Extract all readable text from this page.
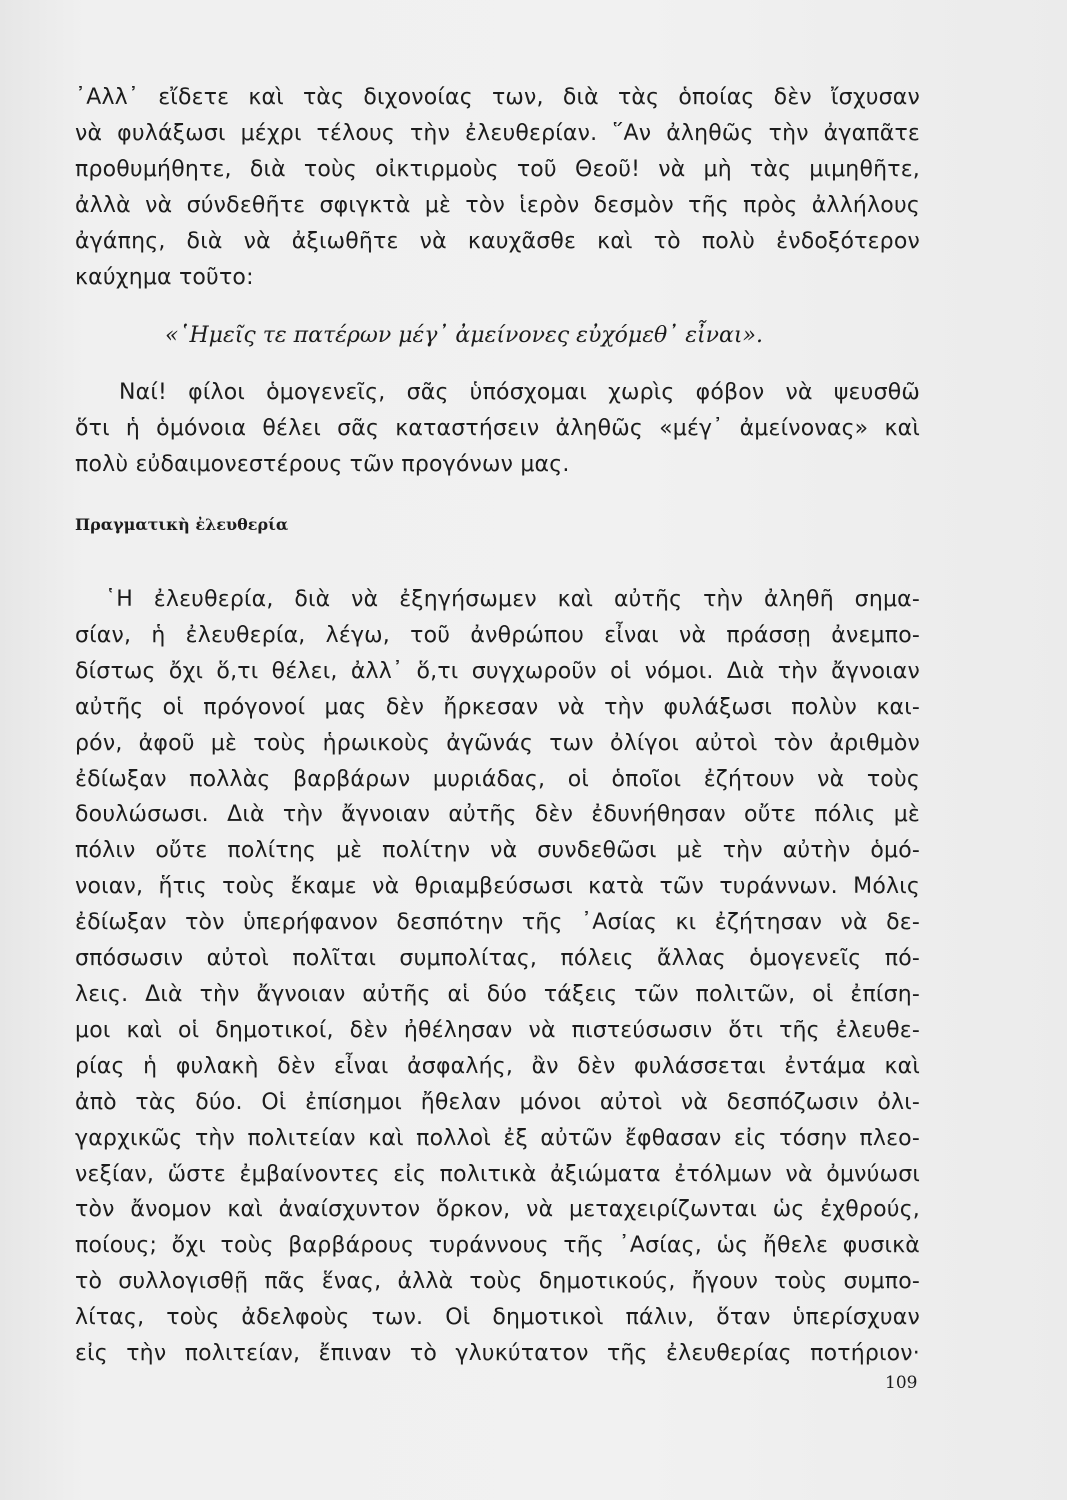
᾿Αλλ᾿ εἴδετε καὶ τὰς διχονοίας των, διὰ τὰς ὁποίας δὲν ἴσχυσαν
νὰ φυλάξωσι μέχρι τέλους τὴν ἐλευθερίαν. ῞Αν ἀληθῶς τὴν ἀγαπᾶτε
προθυμήθητε, διὰ τοὺς οἰκτιρμοὺς τοῦ Θεοῦ! νὰ μὴ τὰς μιμηθῆτε,
ἀλλὰ νὰ σύνδεθῆτε σφιγκτὰ μὲ τὸν ἱερὸν δεσμὸν τῆς πρὸς ἀλλήλους
ἀγάπης, διὰ νὰ ἀξιωθῆτε νὰ καυχᾶσθε καὶ τὸ πολὺ ἐνδοξότερον
καύχημα τοῦτο:
«῾Ημεῖς τε πατέρων μέγ᾿ ἀμείνονες εὐχόμεθ᾿ εἶναι».
Ναί! φίλοι ὁμογενεῖς, σᾶς ὑπόσχομαι χωρὶς φόβον νὰ ψευσθῶ
ὅτι ἡ ὁμόνοια θέλει σᾶς καταστήσειν ἀληθῶς «μέγ᾿ ἀμείνονας» καὶ
πολὺ εὐδαιμονεστέρους τῶν προγόνων μας.
Πραγματικὴ ἐλευθερία
῾Η ἐλευθερία, διὰ νὰ ἐξηγήσωμεν καὶ αὐτῆς τὴν ἀληθῆ σημα-
σίαν, ἡ ἐλευθερία, λέγω, τοῦ ἀνθρώπου εἶναι νὰ πράσσῃ ἀνεμπο-
δίστως ὄχι ὅ,τι θέλει, ἀλλ᾿ ὅ,τι συγχωροῦν οἱ νόμοι. Διὰ τὴν ἄγνοιαν
αὐτῆς οἱ πρόγονοί μας δὲν ἤρκεσαν νὰ τὴν φυλάξωσι πολὺν και-
ρόν, ἀφοῦ μὲ τοὺς ἡρωικοὺς ἀγῶνάς των ὀλίγοι αὐτοὶ τὸν ἀριθμὸν
ἐδίωξαν πολλὰς βαρβάρων μυριάδας, οἱ ὁποῖοι ἐζήτουν νὰ τοὺς
δουλώσωσι. Διὰ τὴν ἄγνοιαν αὐτῆς δὲν ἐδυνήθησαν οὔτε πόλις μὲ
πόλιν οὔτε πολίτης μὲ πολίτην νὰ συνδεθῶσι μὲ τὴν αὐτὴν ὁμό-
νοιαν, ἥτις τοὺς ἔκαμε νὰ θριαμβεύσωσι κατὰ τῶν τυράννων. Μόλις
ἐδίωξαν τὸν ὑπερήφανον δεσπότην τῆς ᾿Ασίας κι ἐζήτησαν νὰ δε-
σπόσωσιν αὐτοὶ πολῖται συμπολίτας, πόλεις ἄλλας ὁμογενεῖς πό-
λεις. Διὰ τὴν ἄγνοιαν αὐτῆς αἱ δύο τάξεις τῶν πολιτῶν, οἱ ἐπίση-
μοι καὶ οἱ δημοτικοί, δὲν ἠθέλησαν νὰ πιστεύσωσιν ὅτι τῆς ἐλευθε-
ρίας ἡ φυλακὴ δὲν εἶναι ἀσφαλής, ἂν δὲν φυλάσσεται ἐντάμα καὶ
ἀπὸ τὰς δύο. Οἱ ἐπίσημοι ἤθελαν μόνοι αὐτοὶ νὰ δεσπόζωσιν ὀλι-
γαρχικῶς τὴν πολιτείαν καὶ πολλοὶ ἐξ αὐτῶν ἔφθασαν εἰς τόσην πλεο-
νεξίαν, ὥστε ἐμβαίνοντες εἰς πολιτικὰ ἀξιώματα ἐτόλμων νὰ ὀμνύωσι
τὸν ἄνομον καὶ ἀναίσχυντον ὅρκον, νὰ μεταχειρίζωνται ὡς ἐχθρούς,
ποίους; ὄχι τοὺς βαρβάρους τυράννους τῆς ᾿Ασίας, ὡς ἤθελε φυσικὰ
τὸ συλλογισθῇ πᾶς ἕνας, ἀλλὰ τοὺς δημοτικούς, ἤγουν τοὺς συμπο-
λίτας, τοὺς ἀδελφοὺς των. Οἱ δημοτικοὶ πάλιν, ὅταν ὑπερίσχυαν
εἰς τὴν πολιτείαν, ἔπιναν τὸ γλυκύτατον τῆς ἐλευθερίας ποτήριον·
109
